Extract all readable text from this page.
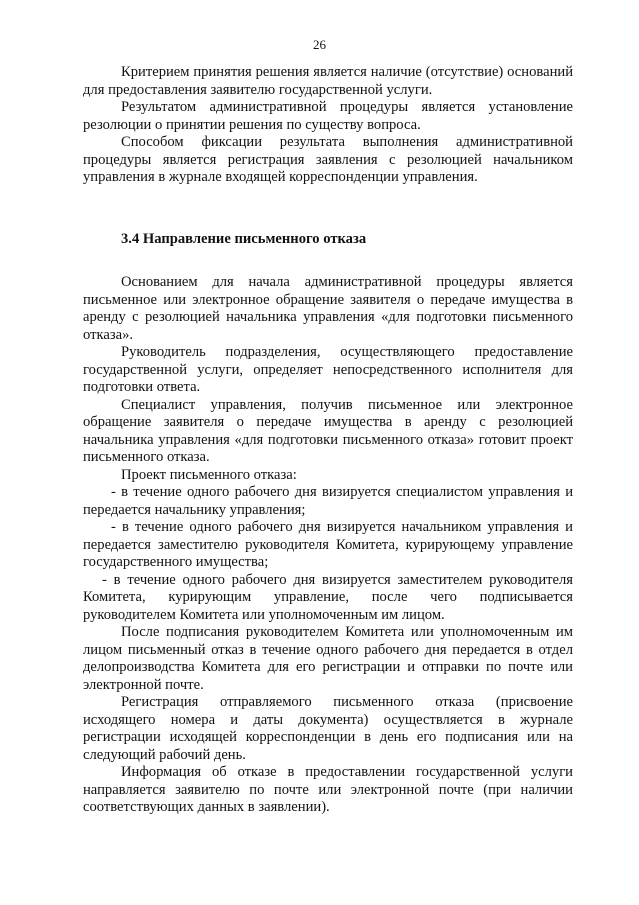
26

Критерием принятия решения является наличие (отсутствие) оснований для предоставления заявителю государственной услуги.

Результатом административной процедуры является установление резолюции о принятии решения по существу вопроса.

Способом фиксации результата выполнения административной процедуры является регистрация заявления с резолюцией начальником управления в журнале входящей корреспонденции управления.

3.4 Направление письменного отказа

Основанием для начала административной процедуры является письменное или электронное обращение заявителя о передаче имущества в аренду с резолюцией начальника управления «для подготовки письменного отказа».

Руководитель подразделения, осуществляющего предоставление государственной услуги, определяет непосредственного исполнителя для подготовки ответа.

Специалист управления, получив письменное или электронное обращение заявителя о передаче имущества в аренду с резолюцией начальника управления «для подготовки письменного отказа» готовит проект письменного отказа.

Проект письменного отказа:

- в течение одного рабочего дня визируется специалистом управления и передается начальнику управления;

- в течение одного рабочего дня визируется начальником управления и передается заместителю руководителя Комитета, курирующему управление государственного имущества;

- в течение одного рабочего дня визируется заместителем руководителя Комитета, курирующим управление, после чего подписывается руководителем Комитета или уполномоченным им лицом.

После подписания руководителем Комитета или уполномоченным им лицом письменный отказ в течение одного рабочего дня передается в отдел делопроизводства Комитета для его регистрации и отправки по почте или электронной почте.

Регистрация отправляемого письменного отказа (присвоение исходящего номера и даты документа) осуществляется в журнале регистрации исходящей корреспонденции в день его подписания или на следующий рабочий день.

Информация об отказе в предоставлении государственной услуги направляется заявителю по почте или электронной почте (при наличии соответствующих данных в заявлении).
